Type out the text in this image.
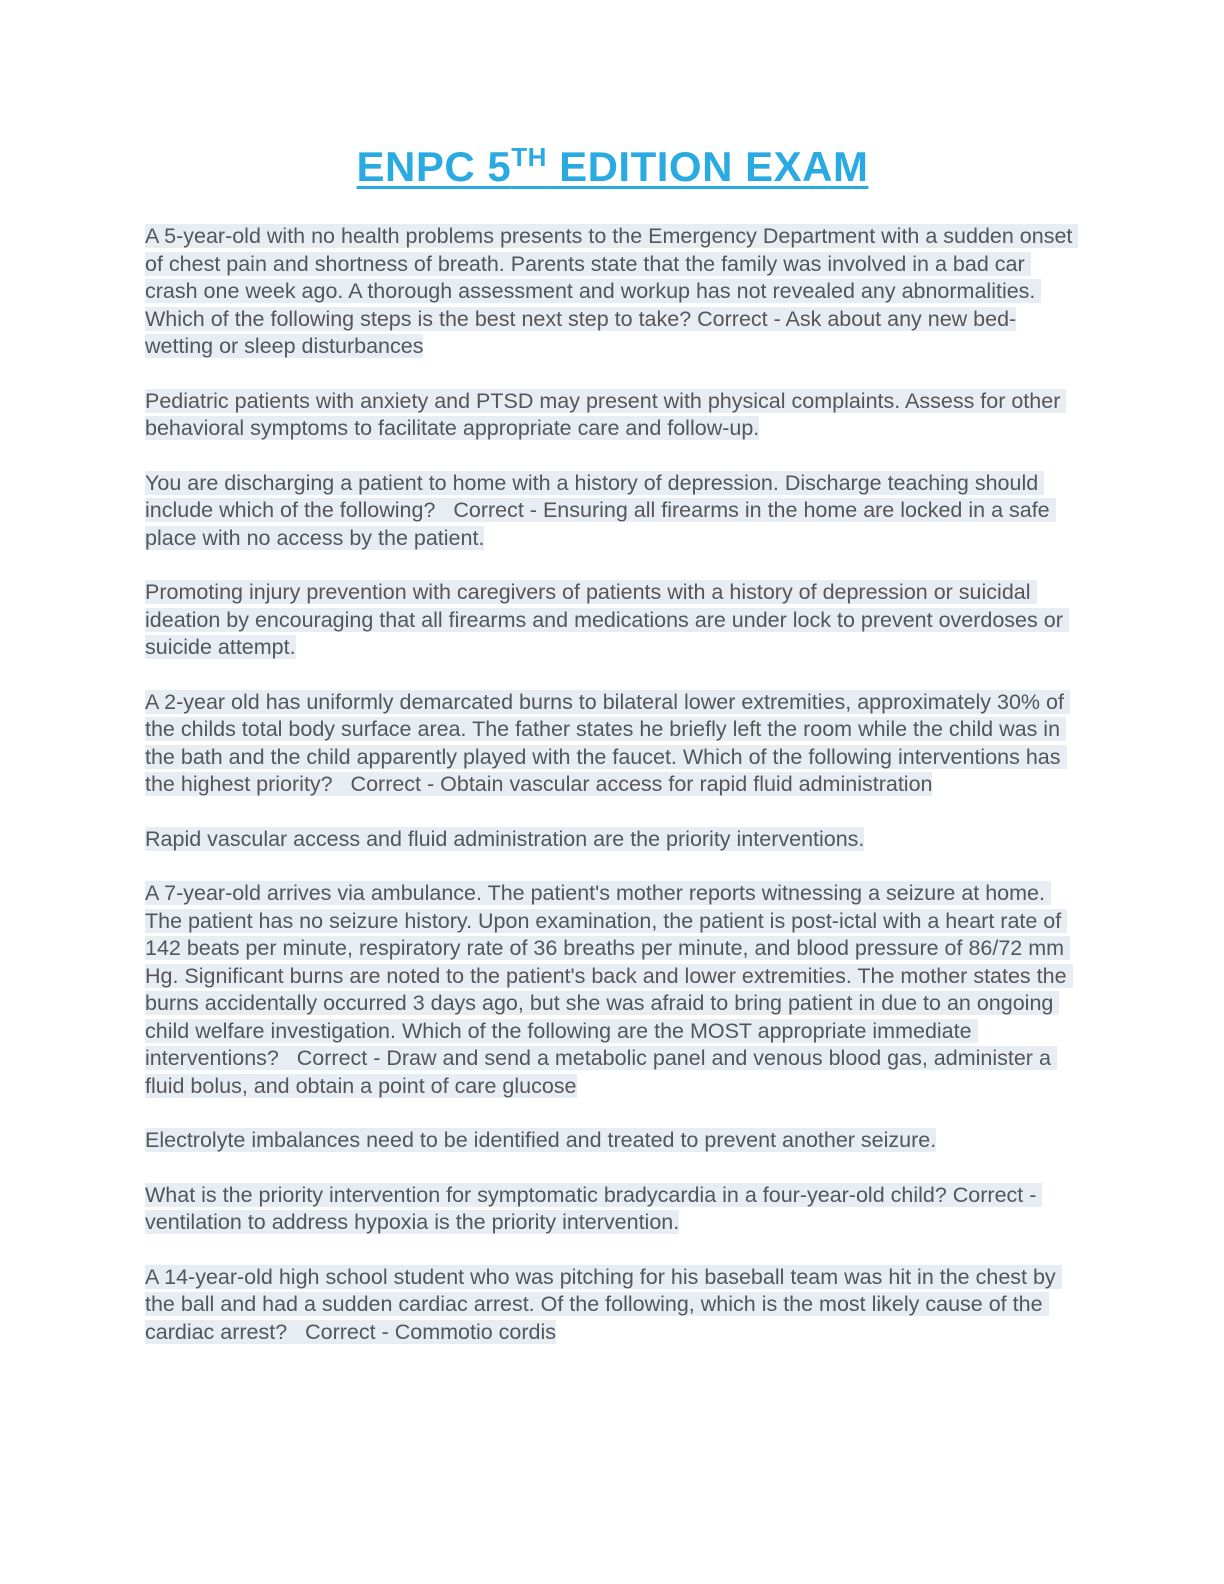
ENPC 5TH EDITION EXAM

A 5-year-old with no health problems presents to the Emergency Department with a sudden onset of chest pain and shortness of breath. Parents state that the family was involved in a bad car crash one week ago. A thorough assessment and workup has not revealed any abnormalities. Which of the following steps is the best next step to take? Correct - Ask about any new bed-wetting or sleep disturbances

Pediatric patients with anxiety and PTSD may present with physical complaints. Assess for other behavioral symptoms to facilitate appropriate care and follow-up.

You are discharging a patient to home with a history of depression. Discharge teaching should include which of the following?   Correct - Ensuring all firearms in the home are locked in a safe place with no access by the patient.

Promoting injury prevention with caregivers of patients with a history of depression or suicidal ideation by encouraging that all firearms and medications are under lock to prevent overdoses or suicide attempt.

A 2-year old has uniformly demarcated burns to bilateral lower extremities, approximately 30% of the childs total body surface area. The father states he briefly left the room while the child was in the bath and the child apparently played with the faucet. Which of the following interventions has the highest priority?   Correct - Obtain vascular access for rapid fluid administration

Rapid vascular access and fluid administration are the priority interventions.

A 7-year-old arrives via ambulance. The patient's mother reports witnessing a seizure at home. The patient has no seizure history. Upon examination, the patient is post-ictal with a heart rate of 142 beats per minute, respiratory rate of 36 breaths per minute, and blood pressure of 86/72 mm Hg. Significant burns are noted to the patient's back and lower extremities. The mother states the burns accidentally occurred 3 days ago, but she was afraid to bring patient in due to an ongoing child welfare investigation. Which of the following are the MOST appropriate immediate interventions?   Correct - Draw and send a metabolic panel and venous blood gas, administer a fluid bolus, and obtain a point of care glucose

Electrolyte imbalances need to be identified and treated to prevent another seizure.

What is the priority intervention for symptomatic bradycardia in a four-year-old child? Correct - ventilation to address hypoxia is the priority intervention.

A 14-year-old high school student who was pitching for his baseball team was hit in the chest by the ball and had a sudden cardiac arrest. Of the following, which is the most likely cause of the cardiac arrest?   Correct - Commotio cordis
